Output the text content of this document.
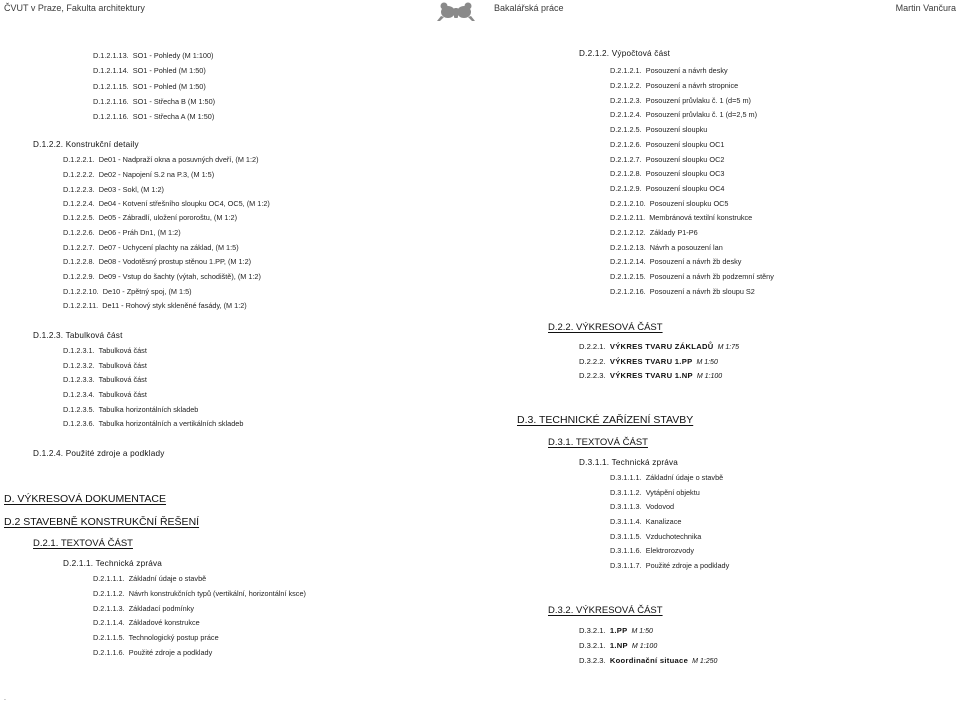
ČVUT v Praze, Fakulta architektury	Bakalářská práce	Martin Vančura
D.1.2.1.13. SO1 - Pohledy (M 1:100)
D.1.2.1.14. SO1 - Pohled (M 1:50)
D.1.2.1.15. SO1 - Pohled (M 1:50)
D.1.2.1.16. SO1 - Střecha B (M 1:50)
D.1.2.1.16. SO1 - Střecha A (M 1:50)
D.1.2.2. Konstrukční detaily
D.1.2.2.1. De01 - Nadpraží okna a posuvných dveří, (M 1:2)
D.1.2.2.2. De02 - Napojení S.2 na P.3, (M 1:5)
D.1.2.2.3. De03 - Sokl, (M 1:2)
D.1.2.2.4. De04 - Kotvení střešního sloupku OC4, OC5, (M 1:2)
D.1.2.2.5. De05 - Zábradlí, uložení pororoštu, (M 1:2)
D.1.2.2.6. De06 - Práh Dn1, (M 1:2)
D.1.2.2.7. De07 - Uchycení plachty na základ, (M 1:5)
D.1.2.2.8. De08 - Vodotěsný prostup stěnou 1.PP, (M 1:2)
D.1.2.2.9. De09 - Vstup do šachty (výtah, schodiště), (M 1:2)
D.1.2.2.10. De10 - Zpětný spoj, (M 1:5)
D.1.2.2.11. De11 - Rohový styk skleněné fasády, (M 1:2)
D.1.2.3. Tabulková část
D.1.2.3.1. Tabulková část
D.1.2.3.2. Tabulková část
D.1.2.3.3. Tabulková část
D.1.2.3.4. Tabulková část
D.1.2.3.5. Tabulka horizontálních skladeb
D.1.2.3.6. Tabulka horizontálních a vertikálních skladeb
D.1.2.4. Použité zdroje a podklady
D. VÝKRESOVÁ DOKUMENTACE
D.2 STAVEBNĚ KONSTRUKČNÍ ŘEŠENÍ
D.2.1. TEXTOVÁ ČÁST
D.2.1.1. Technická zpráva
D.2.1.1.1. Základní údaje o stavbě
D.2.1.1.2. Návrh konstrukčních typů (vertikální, horizontální ksce)
D.2.1.1.3. Základací podmínky
D.2.1.1.4. Základové konstrukce
D.2.1.1.5. Technologický postup práce
D.2.1.1.6. Použité zdroje a podklady
D.2.1.2. Výpočtová část
D.2.1.2.1. Posouzení a návrh desky
D.2.1.2.2. Posouzení a návrh stropnice
D.2.1.2.3. Posouzení průvlaku č. 1 (d=5 m)
D.2.1.2.4. Posouzení průvlaku č. 1 (d=2,5 m)
D.2.1.2.5. Posouzení sloupku
D.2.1.2.6. Posouzení sloupku OC1
D.2.1.2.7. Posouzení sloupku OC2
D.2.1.2.8. Posouzení sloupku OC3
D.2.1.2.9. Posouzení sloupku OC4
D.2.1.2.10. Posouzení sloupku OC5
D.2.1.2.11. Membránová textilní konstrukce
D.2.1.2.12. Základy P1-P6
D.2.1.2.13. Návrh a posouzení lan
D.2.1.2.14. Posouzení a návrh žb desky
D.2.1.2.15. Posouzení a návrh žb podzemní stěny
D.2.1.2.16. Posouzení a návrh žb sloupu S2
D.2.2. VÝKRESOVÁ ČÁST
D.2.2.1. VÝKRES TVARU ZÁKLADŮ M 1:75
D.2.2.2. VÝKRES TVARU 1.PP M 1:50
D.2.2.3. VÝKRES TVARU 1.NP M 1:100
D.3. TECHNICKÉ ZAŘÍZENÍ STAVBY
D.3.1. TEXTOVÁ ČÁST
D.3.1.1. Technická zpráva
D.3.1.1.1. Základní údaje o stavbě
D.3.1.1.2. Vytápění objektu
D.3.1.1.3. Vodovod
D.3.1.1.4. Kanalizace
D.3.1.1.5. Vzduchotechnika
D.3.1.1.6. Elektrorozvody
D.3.1.1.7. Použité zdroje a podklady
D.3.2. VÝKRESOVÁ ČÁST
D.3.2.1. 1.PP M 1:50
D.3.2.1. 1.NP M 1:100
D.3.2.3. Koordinační situace M 1:250
.
